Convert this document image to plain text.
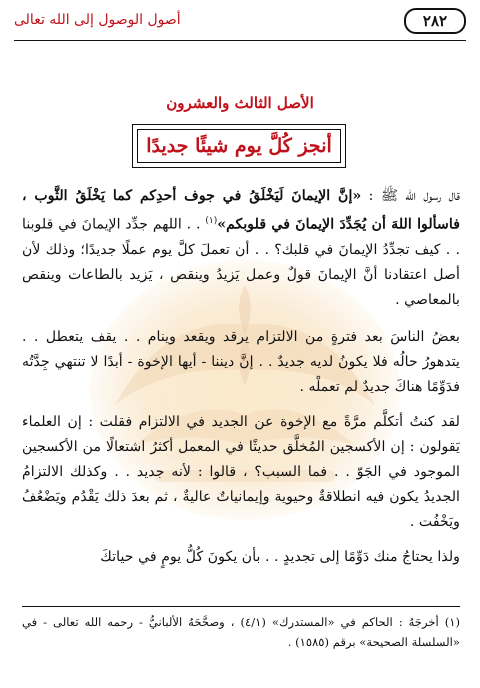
٢٨٢
أصول الوصول إلى الله تعالى
الأصل الثالث والعشرون
أنجز كُلَّ يوم شيئًا جديدًا

قال رسول الله ﷺ : «إنَّ الإيمانَ لَيَخْلَقُ في جوف أحدِكم كما يَخْلَقُ الثَّوب ، فاسألوا اللهَ أن يُجَدِّدَ الإيمانَ في قلوبكم»$^{(١)}$ . . اللهم جدِّد الإيمانَ في قلوبنا . . كيف تجدِّدُ الإيمانَ في قلبك؟ . . أن تعملَ كلَّ يوم عملًا جديدًا؛ وذلك لأن أصل اعتقادنا أنَّ الإيمانَ قولٌ وعمل يَزيدُ وينقص ، يَزيد بالطاعات وينقص بالمعاصي .

بعضُ الناسَ بعد فترةٍ من الالتزام يرقد ويقعد وينام . . يقف يتعطل . . يتدهورُ حالُه فلا يكونُ لديه جديدٌ . . إنَّ ديننا - أيها الإخوة - أبدًا لا تنتهي جِدَّتُه فدَوِّمًا هناكَ جديدٌ لم تعملْه .

لقد كنتُ أتكلَّم مرَّةً مع الإخوة عن الجديد في الالتزام فقلت : إن العلماء يَقولون : إن الأكسجين المُخلَّق حديثًا في المعمل أكثرُ اشتعالًا من الأكسجين الموجود في الجَوّ . . فما السبب؟ ، قالوا : لأنه جديد . . وكذلك الالتزامُ الجديدُ يكون فيه انطلاقةٌ وحيوية وإيمانياتٌ عاليةٌ ، ثم بعدَ ذلك يَقْدُم ويَضْعُفُ ويَخْفُت .

ولذا يحتاجُ منك دَوِّمًا إلى تجديدٍ . . بأن يكونَ كُلُّ يومٍ في حياتكَ

(١) أخرجَهُ : الحاكم في «المستدرك» (٤/١) ، وصحَّحَهُ الألبانيُّ - رحمه الله تعالى - في «السلسلة الصحيحة» برقم (١٥٨٥) .
